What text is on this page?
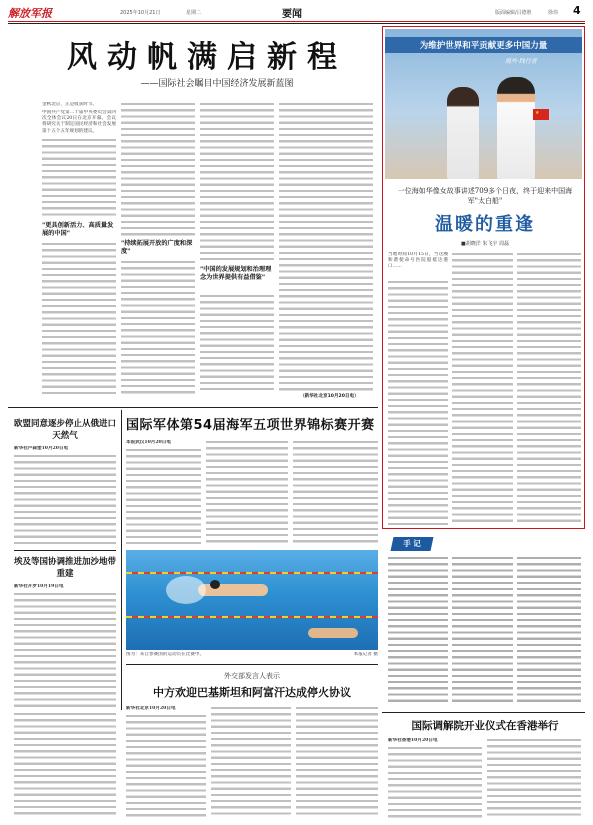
解放军报	2025年10月21日	星期二	要闻	版面编辑/吕德胜	徐伟 4
风动帆满启新程
——国际社会瞩目中国经济发展新蓝图
金秋北京，正是收获时节。
中国共产党第二十届中央委员会第四次全体会议20日在北京开幕。会议将研究关于制定国民经济和社会发展第十五个五年规划的建议。
"更具创新活力、高质量发展的中国"
"持续拓展开放的广度和深度"
"中国的发展规划和治理理念为世界提供有益借鉴"
（新华社北京10月20日电）
为维护世界和平贡献更多中国力量
海外·践行者
★
一位海如华像女故事讲述709多个日夜，终于迎来中国海军"太白船"
温暖的重逢
■胡晓洋 朱飞宇 周磊
当地时间10月15日，当这艘和谐使命号医院船抵达港口……
国际军体第54届海军五项世界锦标赛开赛
本报武汉10月20日电
图为：来自参赛国的运动员在比赛中。	本报记者 摄
欧盟同意逐步停止从俄进口天然气
新华社卢森堡10月20日电
埃及等国协调推进加沙地带重建
新华社开罗10月19日电
手 记
国际调解院开业仪式在香港举行
新华社香港10月20日电
外交部发言人表示
中方欢迎巴基斯坦和阿富汗达成停火协议
新华社北京10月20日电
